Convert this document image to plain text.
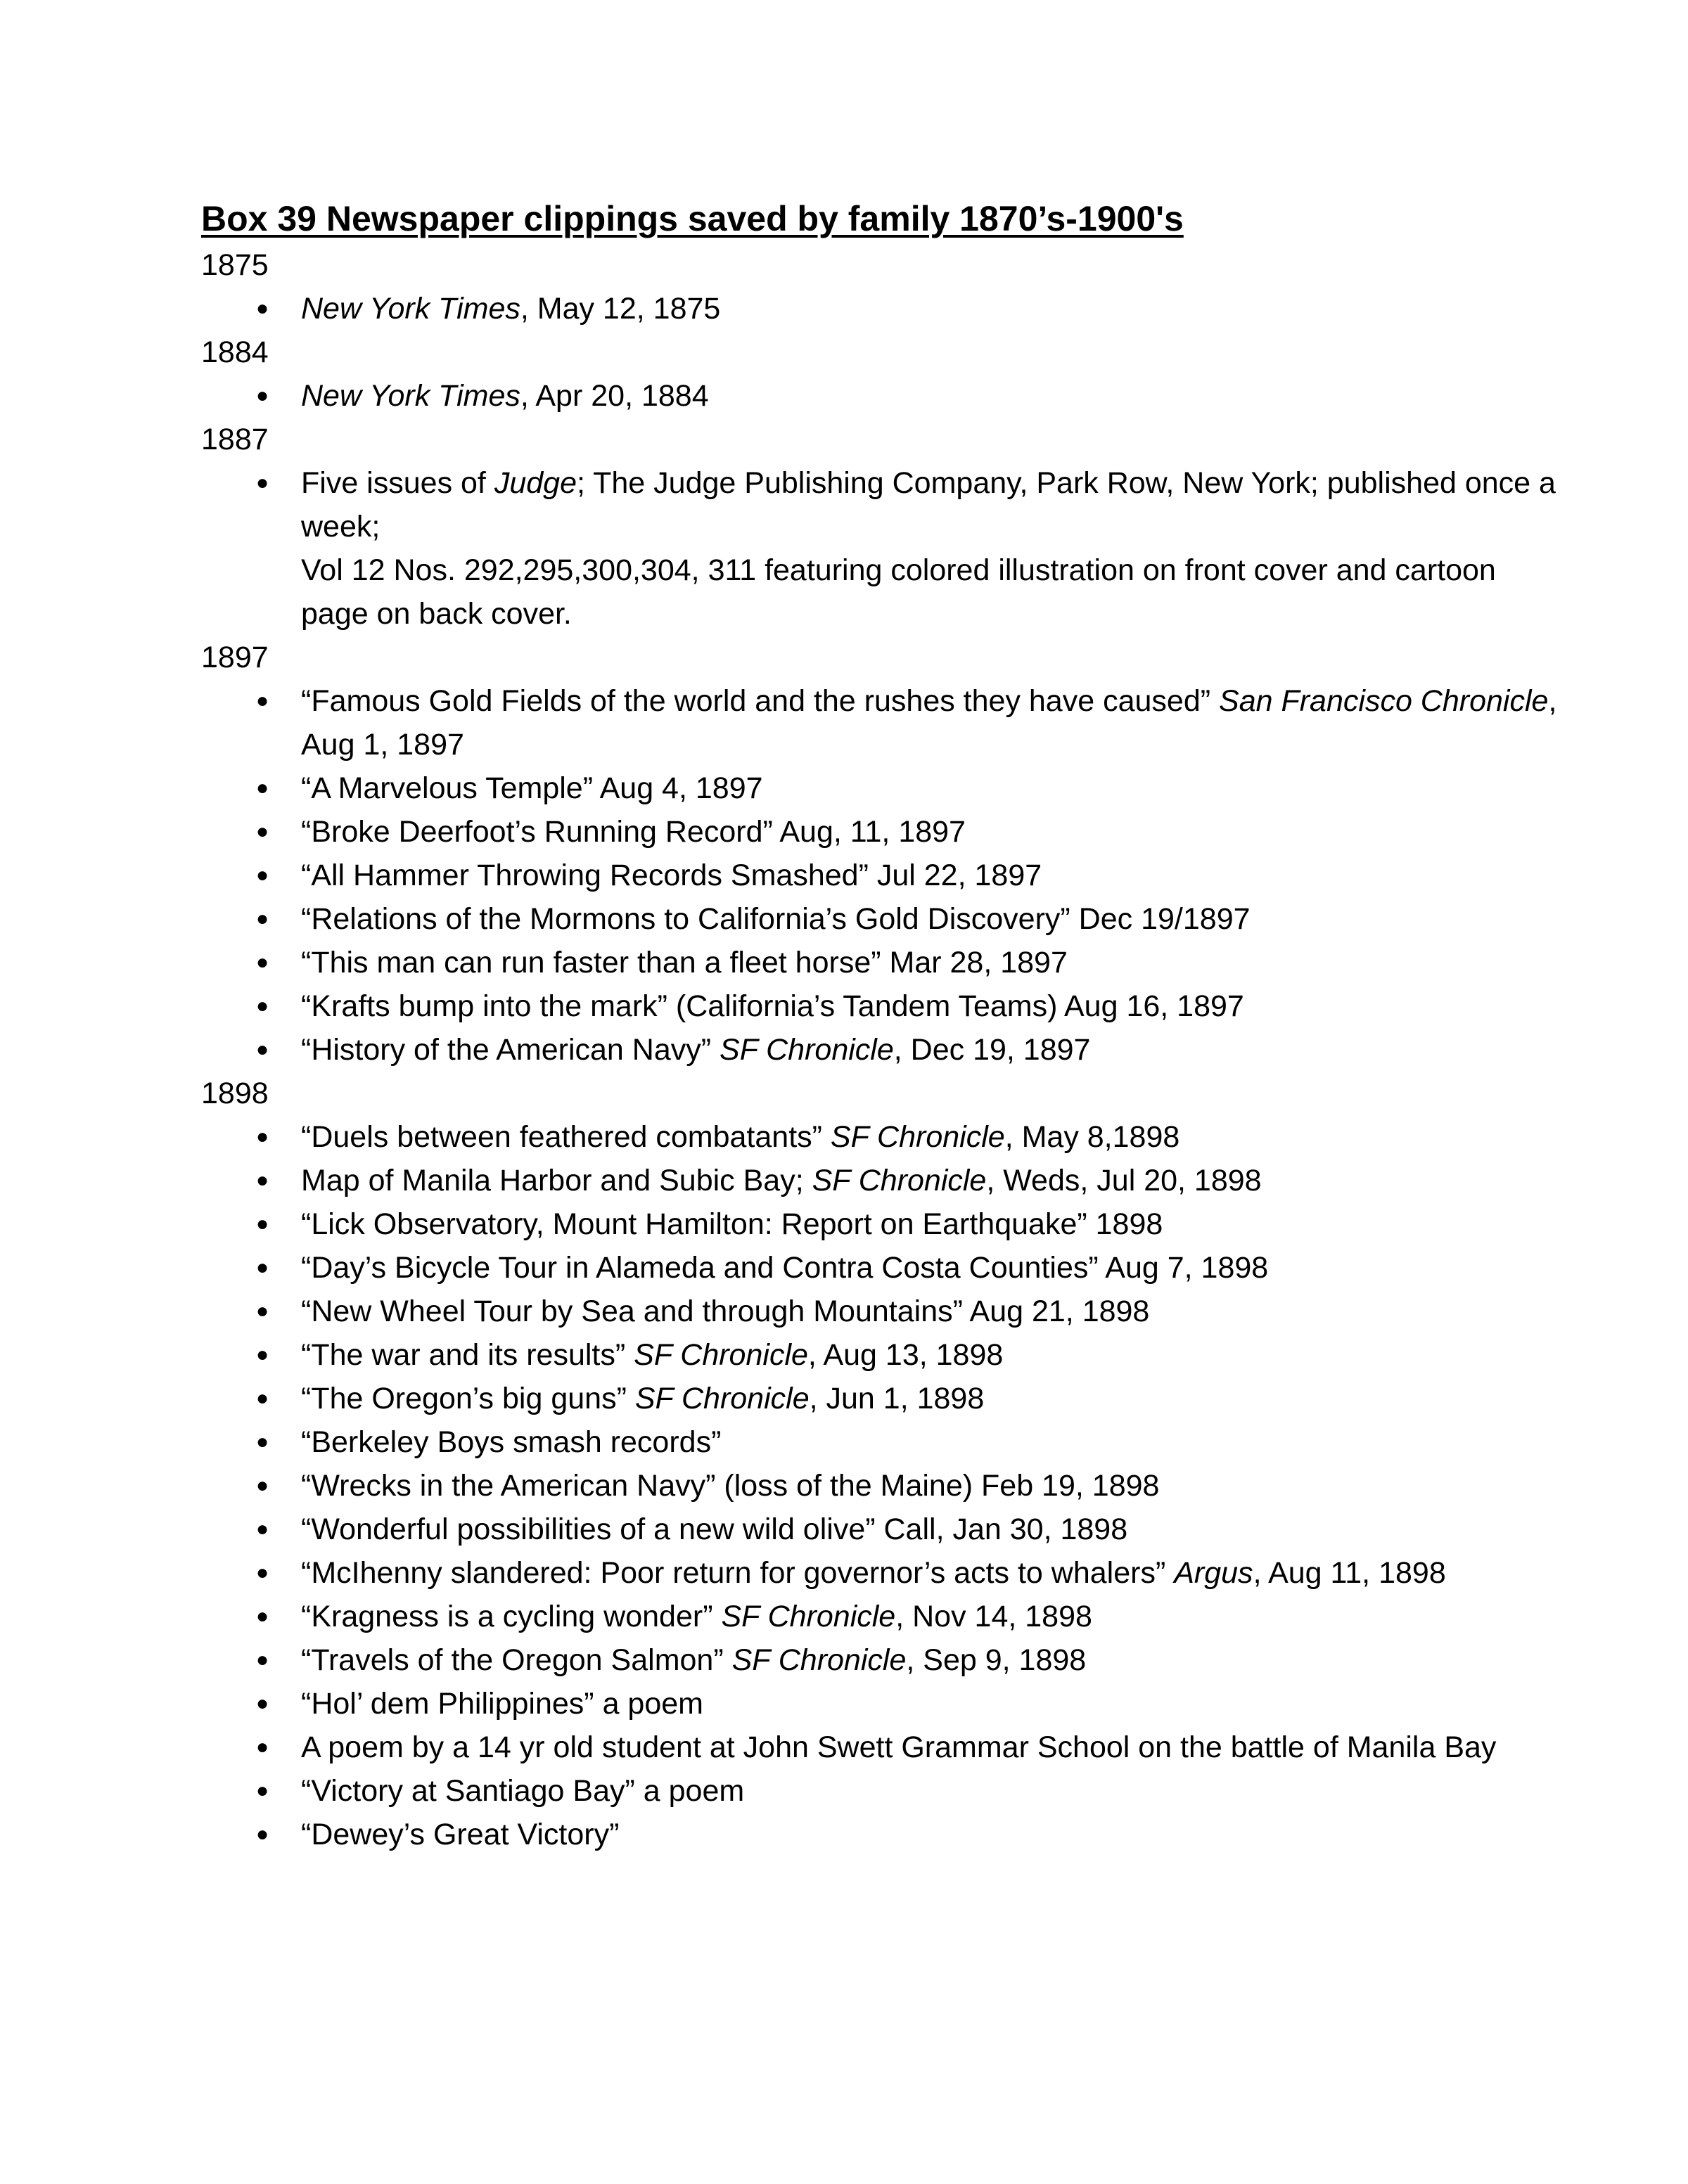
Box 39 Newspaper clippings saved by family 1870’s-1900's
1875
● New York Times, May 12, 1875
1884
● New York Times, Apr 20, 1884
1887
● Five issues of Judge; The Judge Publishing Company, Park Row, New York; published once a week;
Vol 12 Nos. 292,295,300,304, 311 featuring colored illustration on front cover and cartoon page on back cover.
1897
● “Famous Gold Fields of the world and the rushes they have caused” San Francisco Chronicle, Aug 1, 1897
● “A Marvelous Temple” Aug 4, 1897
● “Broke Deerfoot’s Running Record” Aug, 11, 1897
● “All Hammer Throwing Records Smashed” Jul 22, 1897
● “Relations of the Mormons to California’s Gold Discovery” Dec 19/1897
● “This man can run faster than a fleet horse” Mar 28, 1897
● “Krafts bump into the mark” (California’s Tandem Teams) Aug 16, 1897
● “History of the American Navy” SF Chronicle, Dec 19, 1897
1898
● “Duels between feathered combatants” SF Chronicle, May 8,1898
● Map of Manila Harbor and Subic Bay; SF Chronicle, Weds, Jul 20, 1898
● “Lick Observatory, Mount Hamilton: Report on Earthquake” 1898
● “Day’s Bicycle Tour in Alameda and Contra Costa Counties” Aug 7, 1898
● “New Wheel Tour by Sea and through Mountains” Aug 21, 1898
● “The war and its results” SF Chronicle, Aug 13, 1898
● “The Oregon’s big guns” SF Chronicle, Jun 1, 1898
● “Berkeley Boys smash records”
● “Wrecks in the American Navy” (loss of the Maine) Feb 19, 1898
● “Wonderful possibilities of a new wild olive” Call, Jan 30, 1898
● “McIhenny slandered: Poor return for governor’s acts to whalers” Argus, Aug 11, 1898
● “Kragness is a cycling wonder” SF Chronicle, Nov 14, 1898
● “Travels of the Oregon Salmon” SF Chronicle, Sep 9, 1898
● “Hol’ dem Philippines” a poem
● A poem by a 14 yr old student at John Swett Grammar School on the battle of Manila Bay
● “Victory at Santiago Bay” a poem
● “Dewey’s Great Victory”
